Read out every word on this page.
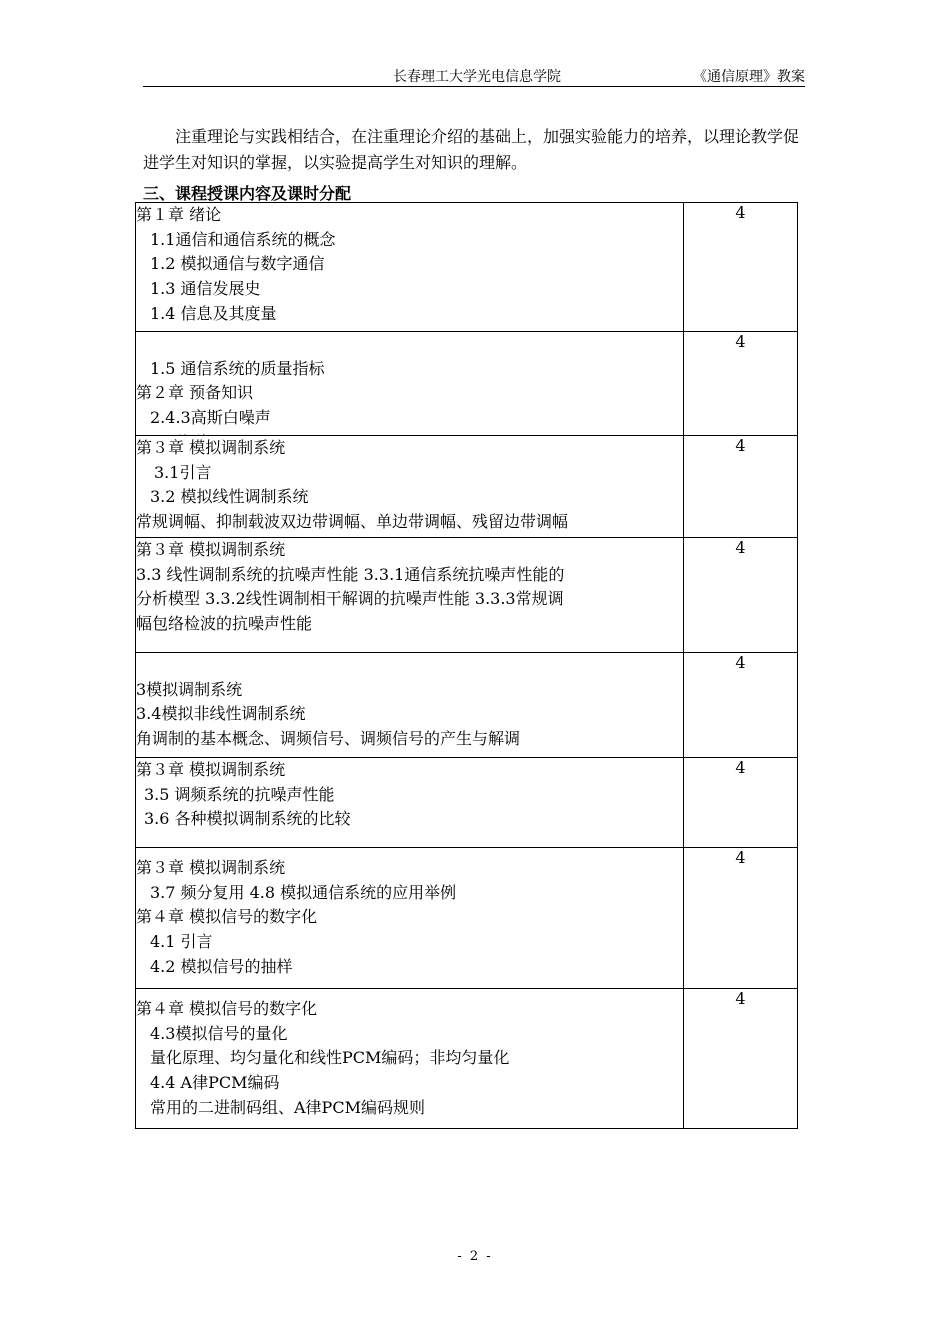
长春理工大学光电信息学院	《通信原理》教案

注重理论与实践相结合，在注重理论介绍的基础上，加强实验能力的培养，以理论教学促进学生对知识的掌握，以实验提高学生对知识的理解。

三、课程授课内容及课时分配

第１章 绪论
1.1通信和通信系统的概念
1.2 模拟通信与数字通信
1.3 通信发展史
1.4 信息及其度量	4

1.5 通信系统的质量指标
第２章 预备知识
2.4.3高斯白噪声	4

第３章 模拟调制系统
3.1引言
3.2 模拟线性调制系统
常规调幅、抑制载波双边带调幅、单边带调幅、残留边带调幅	4

第３章 模拟调制系统
3.3 线性调制系统的抗噪声性能 3.3.1通信系统抗噪声性能的
分析模型 3.3.2线性调制相干解调的抗噪声性能 3.3.3常规调
幅包络检波的抗噪声性能	4

3模拟调制系统
3.4模拟非线性调制系统
角调制的基本概念、调频信号、调频信号的产生与解调	4

第３章 模拟调制系统
3.5 调频系统的抗噪声性能
3.6 各种模拟调制系统的比较	4

第３章 模拟调制系统
3.7 频分复用 4.8 模拟通信系统的应用举例
第４章 模拟信号的数字化
4.1 引言
4.2 模拟信号的抽样	4

第４章 模拟信号的数字化
4.3模拟信号的量化
量化原理、均匀量化和线性PCM编码；非均匀量化
4.4 A律PCM编码
常用的二进制码组、A律PCM编码规则	4
- 2 -
